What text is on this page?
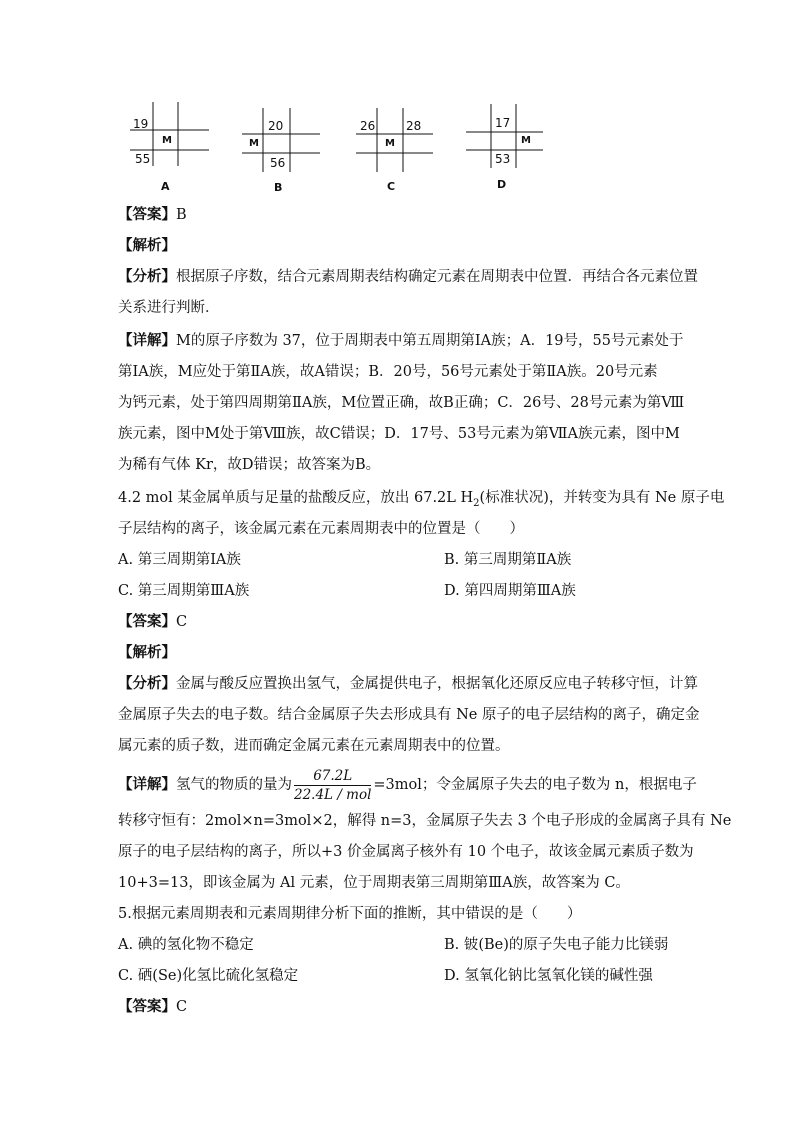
19
M
55
A
20
M
56
B
26	28
M
C
17
M
53
D
【答案】B
【解析】
【分析】根据原子序数，结合元素周期表结构确定元素在周期表中位置．再结合各元素位置
关系进行判断．
【详解】M的原子序数为 37，位于周期表中第五周期第ⅠA族；A．19号，55号元素处于
第ⅠA族，M应处于第ⅡA族，故A错误；B．20号，56号元素处于第ⅡA族。20号元素
为钙元素，处于第四周期第ⅡA族，M位置正确，故B正确；C．26号、28号元素为第Ⅷ
族元素，图中M处于第Ⅷ族，故C错误；D．17号、53号元素为第ⅦA族元素，图中M
为稀有气体 Kr，故D错误；故答案为B。
4.2 mol 某金属单质与足量的盐酸反应，放出 67.2L $H_2$(标准状况)，并转变为具有 Ne 原子电
子层结构的离子，该金属元素在元素周期表中的位置是（　　）
A. 第三周期第ⅠA族	B. 第三周期第ⅡA族
C. 第三周期第ⅢA族	D. 第四周期第ⅢA族
【答案】C
【解析】
【分析】金属与酸反应置换出氢气，金属提供电子，根据氧化还原反应电子转移守恒，计算
金属原子失去的电子数。结合金属原子失去形成具有 Ne 原子的电子层结构的离子，确定金
属元素的质子数，进而确定金属元素在元素周期表中的位置。
【详解】氢气的物质的量为 $\frac{67.2L}{\text{22.4L / mol}} =3mol$；令金属原子失去的电子数为 n，根据电子
转移守恒有：2mol×n=3mol×2，解得 n=3，金属原子失去 3 个电子形成的金属离子具有 Ne
原子的电子层结构的离子，所以+3 价金属离子核外有 10 个电子，故该金属元素质子数为
10+3=13，即该金属为 Al 元素，位于周期表第三周期第ⅢA族，故答案为 C。
5.根据元素周期表和元素周期律分析下面的推断，其中错误的是（　　）
A. 碘的氢化物不稳定	B. 铍(Be)的原子失电子能力比镁弱
C. 硒(Se)化氢比硫化氢稳定	D. 氢氧化钠比氢氧化镁的碱性强
【答案】C
